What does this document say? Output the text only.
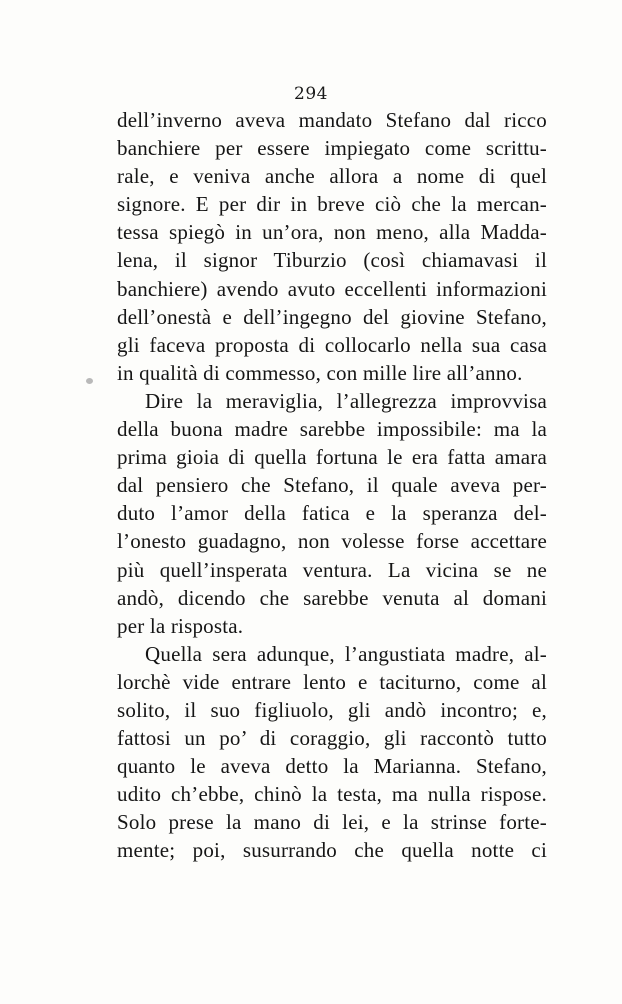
294
dell’inverno aveva mandato Stefano dal ricco
banchiere per essere impiegato come scrittu-
rale, e veniva anche allora a nome di quel
signore. E per dir in breve ciò che la mercan-
tessa spiegò in un’ora, non meno, alla Madda-
lena, il signor Tiburzio (così chiamavasi il
banchiere) avendo avuto eccellenti informazioni
dell’onestà e dell’ingegno del giovine Stefano,
gli faceva proposta di collocarlo nella sua casa
in qualità di commesso, con mille lire all’anno.
Dire la meraviglia, l’allegrezza improvvisa
della buona madre sarebbe impossibile: ma la
prima gioia di quella fortuna le era fatta amara
dal pensiero che Stefano, il quale aveva per-
duto l’amor della fatica e la speranza del-
l’onesto guadagno, non volesse forse accettare
più quell’insperata ventura. La vicina se ne
andò, dicendo che sarebbe venuta al domani
per la risposta.
Quella sera adunque, l’angustiata madre, al-
lorchè vide entrare lento e taciturno, come al
solito, il suo figliuolo, gli andò incontro; e,
fattosi un po’ di coraggio, gli raccontò tutto
quanto le aveva detto la Marianna. Stefano,
udito ch’ebbe, chinò la testa, ma nulla rispose.
Solo prese la mano di lei, e la strinse forte-
mente; poi, susurrando che quella notte ci
